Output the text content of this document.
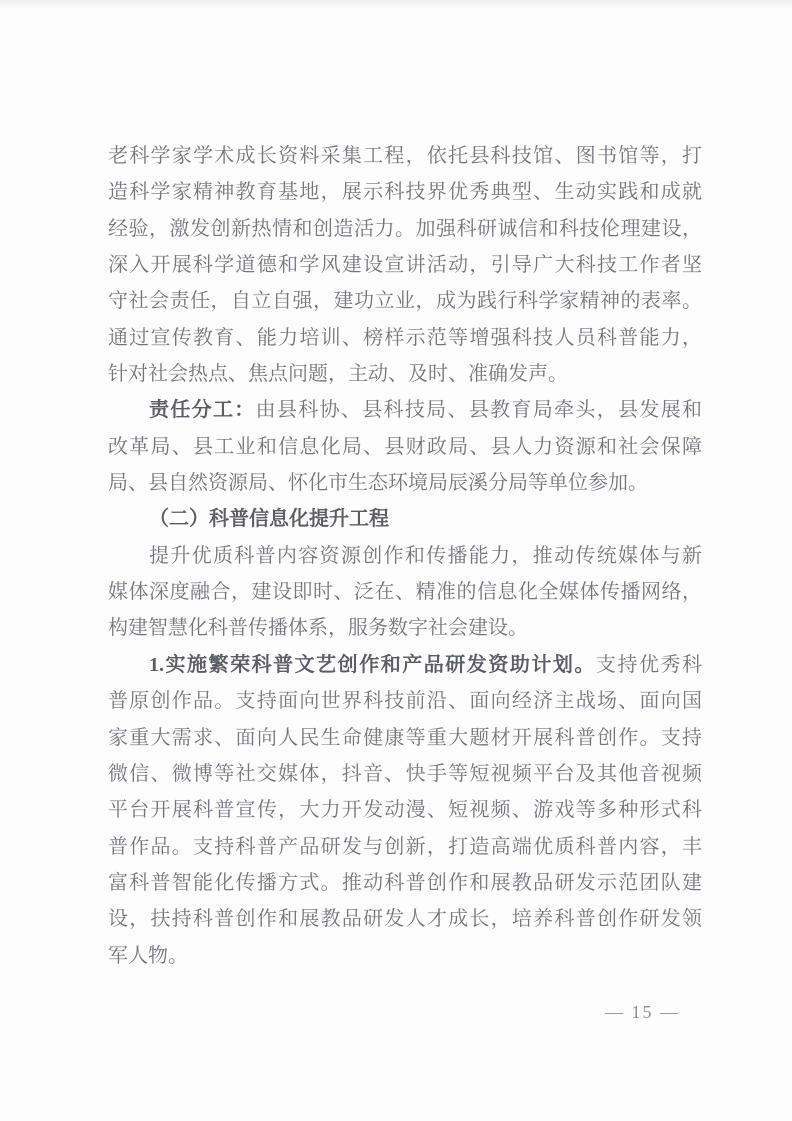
老科学家学术成长资料采集工程，依托县科技馆、图书馆等，打
造科学家精神教育基地，展示科技界优秀典型、生动实践和成就
经验，激发创新热情和创造活力。加强科研诚信和科技伦理建设，
深入开展科学道德和学风建设宣讲活动，引导广大科技工作者坚
守社会责任，自立自强，建功立业，成为践行科学家精神的表率。
通过宣传教育、能力培训、榜样示范等增强科技人员科普能力，
针对社会热点、焦点问题，主动、及时、准确发声。
责任分工：由县科协、县科技局、县教育局牵头，县发展和
改革局、县工业和信息化局、县财政局、县人力资源和社会保障
局、县自然资源局、怀化市生态环境局辰溪分局等单位参加。
（二）科普信息化提升工程
提升优质科普内容资源创作和传播能力，推动传统媒体与新
媒体深度融合，建设即时、泛在、精准的信息化全媒体传播网络，
构建智慧化科普传播体系，服务数字社会建设。
1.实施繁荣科普文艺创作和产品研发资助计划。支持优秀科
普原创作品。支持面向世界科技前沿、面向经济主战场、面向国
家重大需求、面向人民生命健康等重大题材开展科普创作。支持
微信、微博等社交媒体，抖音、快手等短视频平台及其他音视频
平台开展科普宣传，大力开发动漫、短视频、游戏等多种形式科
普作品。支持科普产品研发与创新，打造高端优质科普内容，丰
富科普智能化传播方式。推动科普创作和展教品研发示范团队建
设，扶持科普创作和展教品研发人才成长，培养科普创作研发领
军人物。
— 15 —
